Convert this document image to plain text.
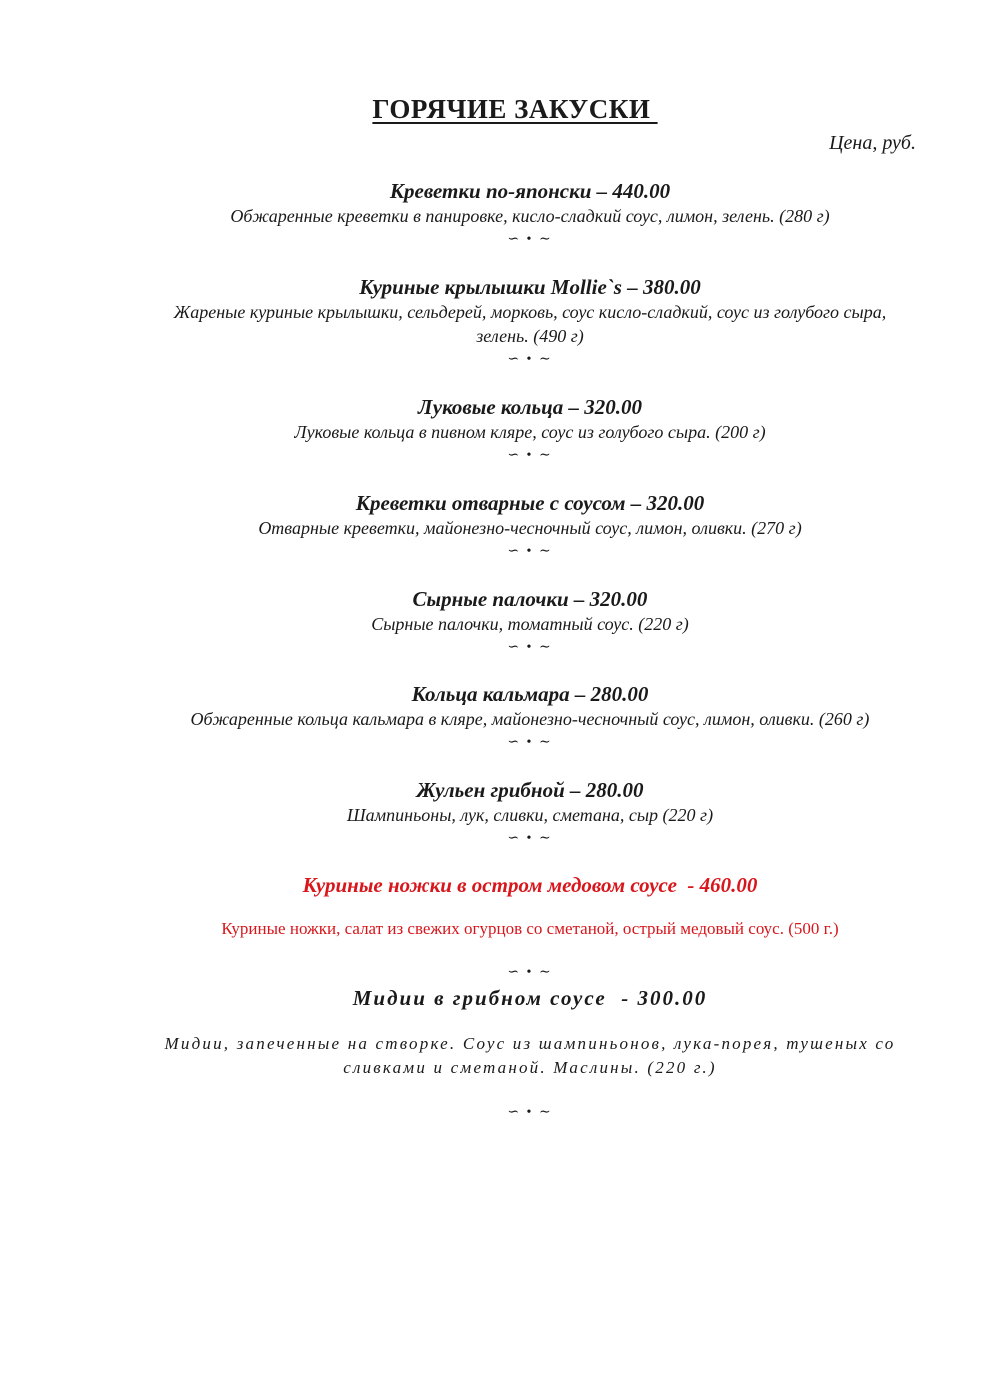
ГОРЯЧИЕ ЗАКУСКИ
Цена, руб.
Креветки по-японски – 440.00
Обжаренные креветки в панировке, кисло-сладкий соус, лимон, зелень. (280 г)
∽ • ∼
Куриные крылышки Mollie`s – 380.00
Жареные куриные крылышки, сельдерей, морковь, соус кисло-сладкий, соус из голубого сыра, зелень. (490 г)
∽ • ∼
Луковые кольца – 320.00
Луковые кольца в пивном кляре, соус из голубого сыра. (200 г)
∽ • ∼
Креветки отварные с соусом – 320.00
Отварные креветки, майонезно-чесночный соус, лимон, оливки. (270 г)
∽ • ∼
Сырные палочки – 320.00
Сырные палочки, томатный соус. (220 г)
∽ • ∼
Кольца кальмара – 280.00
Обжаренные кольца кальмара в кляре, майонезно-чесночный соус, лимон, оливки. (260 г)
∽ • ∼
Жульен грибной – 280.00
Шампиньоны, лук, сливки, сметана, сыр (220 г)
∽ • ∼
Куриные ножки в остром медовом соусе  - 460.00
Куриные ножки, салат из свежих огурцов со сметаной, острый медовый соус. (500 г.)
∽ • ∼
Мидии в грибном соусе  - 300.00
Мидии, запеченные на створке. Соус из шампиньонов, лука-порея, тушеных со сливками и сметаной. Маслины. (220 г.)
∽ • ∼
